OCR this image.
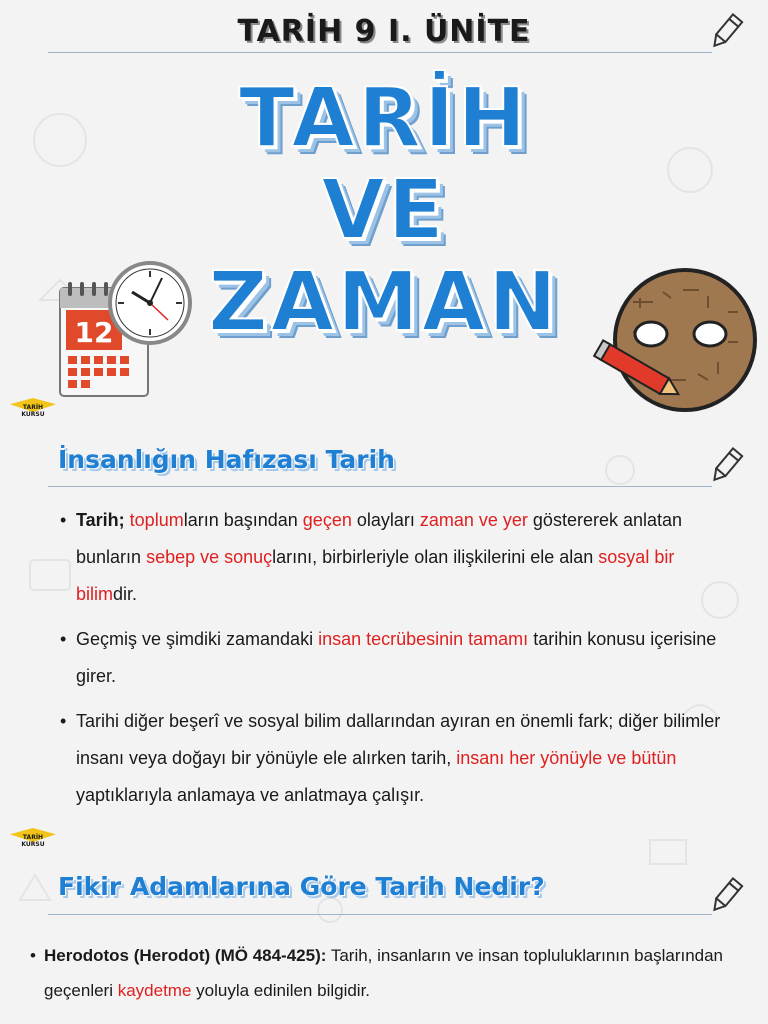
TARİH 9 I. ÜNİTE
TARİH
VE
ZAMAN
12
TARİH
KURSU
İnsanlığın Hafızası Tarih
• Tarih; toplumların başından geçen olayları zaman ve yer göstererek anlatan bunların sebep ve sonuçlarını, birbirleriyle olan ilişkilerini ele alan sosyal bir bilimdir.
• Geçmiş ve şimdiki zamandaki insan tecrübesinin tamamı tarihin konusu içerisine girer.
• Tarihi diğer beşerî ve sosyal bilim dallarından ayıran en önemli fark; diğer bilimler insanı veya doğayı bir yönüyle ele alırken tarih, insanı her yönüyle ve bütün yaptıklarıyla anlamaya ve anlatmaya çalışır.
TARİH
KURSU
Fikir Adamlarına Göre Tarih Nedir?
• Herodotos (Herodot) (MÖ 484-425): Tarih, insanların ve insan topluluklarının başlarından geçenleri kaydetme yoluyla edinilen bilgidir.
